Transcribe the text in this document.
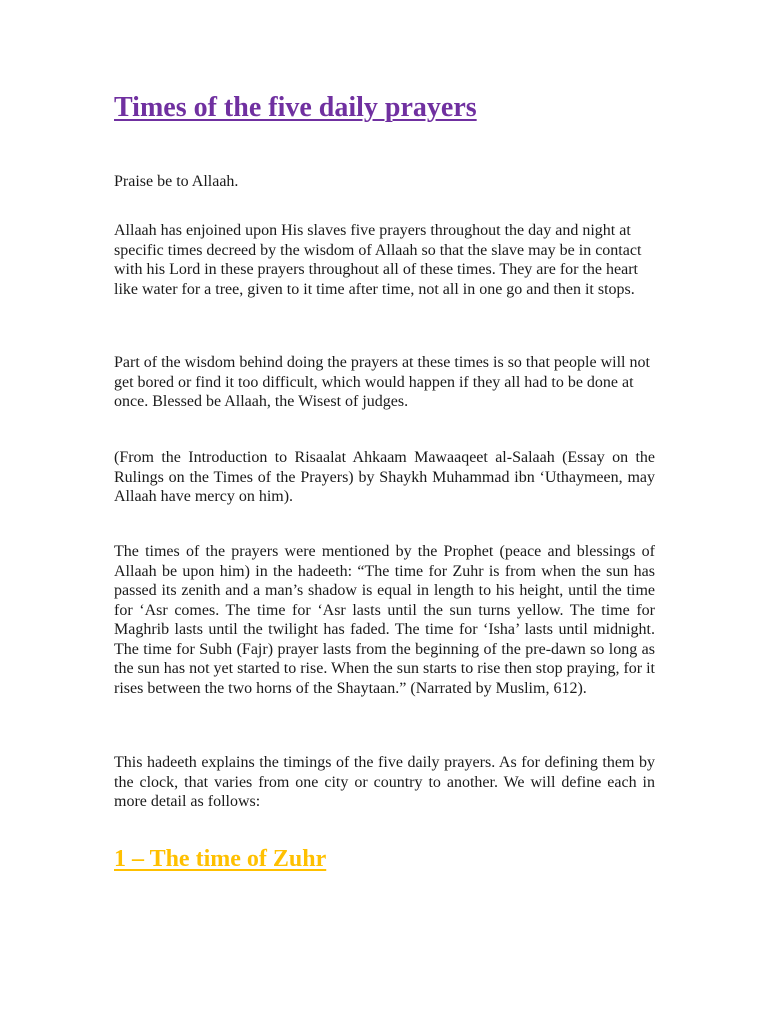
Times of the five daily prayers

Praise be to Allaah.

Allaah has enjoined upon His slaves five prayers throughout the day and night at specific times decreed by the wisdom of Allaah so that the slave may be in contact with his Lord in these prayers throughout all of these times. They are for the heart like water for a tree, given to it time after time, not all in one go and then it stops.

Part of the wisdom behind doing the prayers at these times is so that people will not get bored or find it too difficult, which would happen if they all had to be done at once. Blessed be Allaah, the Wisest of judges.

(From the Introduction to Risaalat Ahkaam Mawaaqeet al-Salaah (Essay on the Rulings on the Times of the Prayers) by Shaykh Muhammad ibn ‘Uthaymeen, may Allaah have mercy on him).

The times of the prayers were mentioned by the Prophet (peace and blessings of Allaah be upon him) in the hadeeth: “The time for Zuhr is from when the sun has passed its zenith and a man’s shadow is equal in length to his height, until the time for ‘Asr comes. The time for ‘Asr lasts until the sun turns yellow. The time for Maghrib lasts until the twilight has faded. The time for ‘Isha’ lasts until midnight. The time for Subh (Fajr) prayer lasts from the beginning of the pre-dawn so long as the sun has not yet started to rise. When the sun starts to rise then stop praying, for it rises between the two horns of the Shaytaan.” (Narrated by Muslim, 612).

This hadeeth explains the timings of the five daily prayers. As for defining them by the clock, that varies from one city or country to another. We will define each in more detail as follows:

1 – The time of Zuhr
